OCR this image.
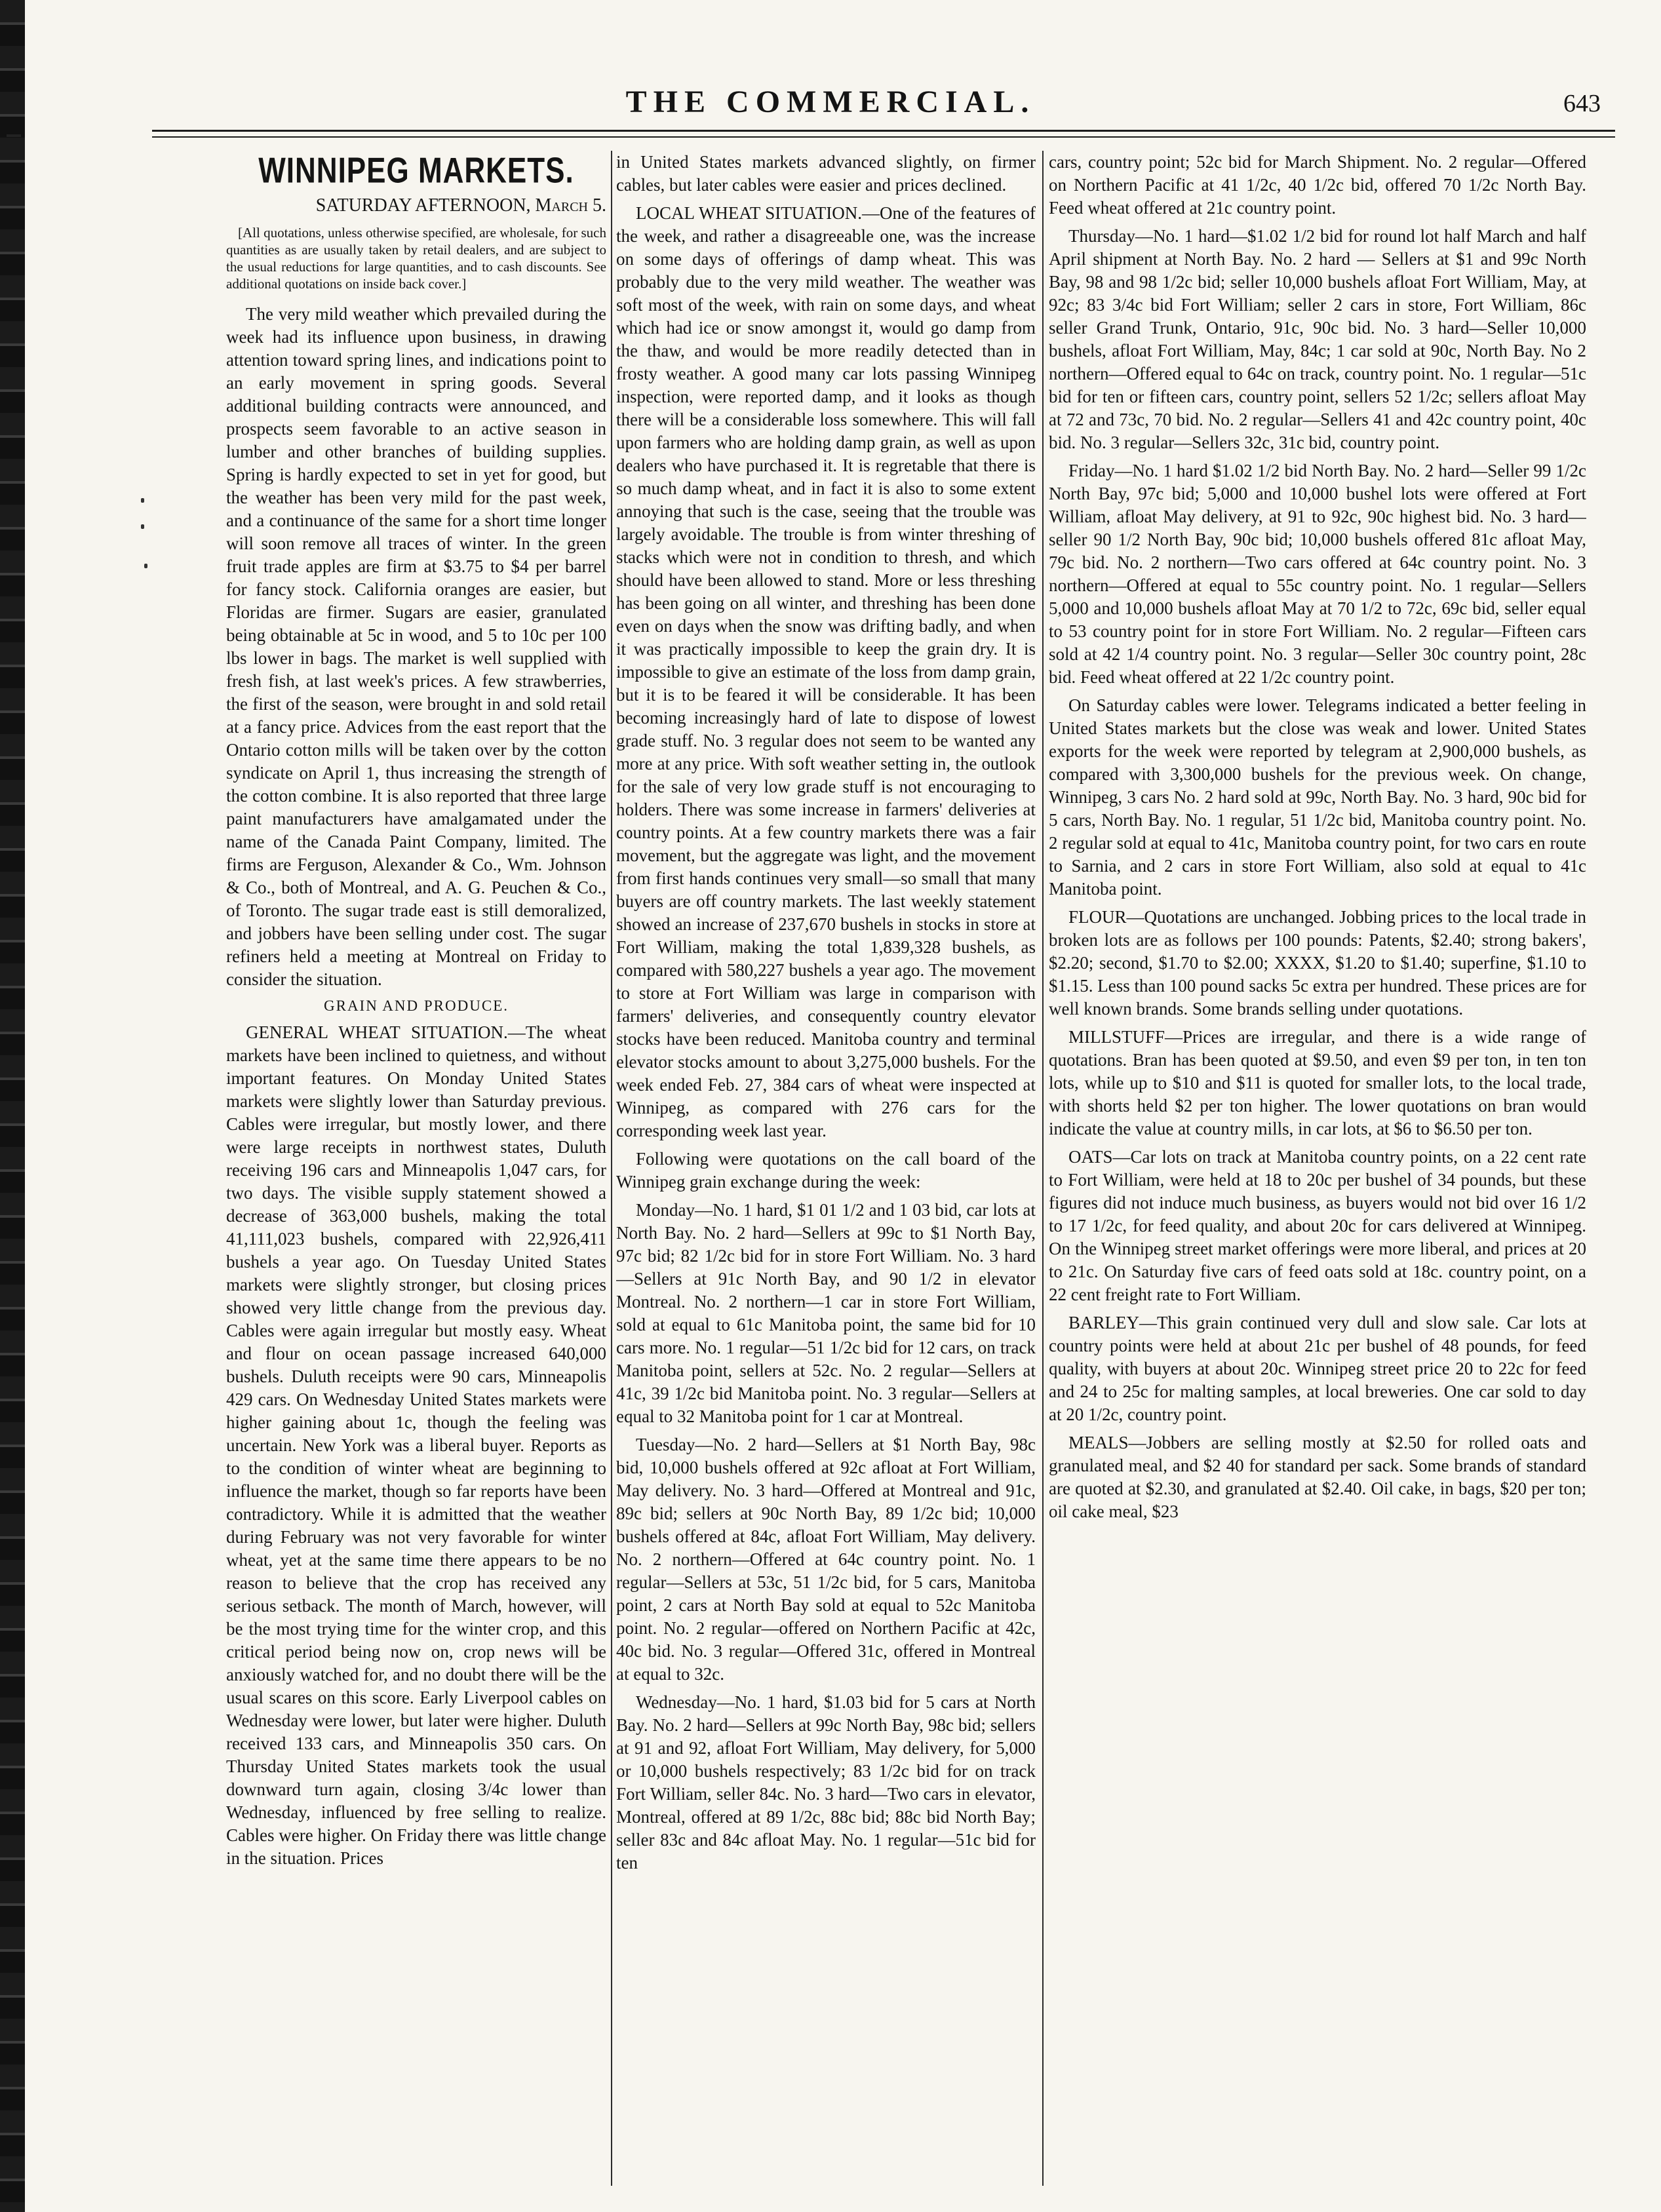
THE COMMERCIAL.	643
WINNIPEG MARKETS.
SATURDAY AFTERNOON, March 5.
[All quotations, unless otherwise specified, are wholesale, for such quantities as are usually taken by retail dealers, and are subject to the usual reductions for large quantities, and to cash discounts. See additional quotations on inside back cover.]

The very mild weather which prevailed during the week had its influence upon business, in drawing attention toward spring lines, and indications point to an early movement in spring goods. Several additional building contracts were announced, and prospects seem favorable to an active season in lumber and other branches of building supplies. Spring is hardly expected to set in yet for good, but the weather has been very mild for the past week, and a continuance of the same for a short time longer will soon remove all traces of winter. In the green fruit trade apples are firm at $3.75 to $4 per barrel for fancy stock. California oranges are easier, but Floridas are firmer. Sugars are easier, granulated being obtainable at 5c in wood, and 5 to 10c per 100 lbs lower in bags. The market is well supplied with fresh fish, at last week's prices. A few strawberries, the first of the season, were brought in and sold retail at a fancy price. Advices from the east report that the Ontario cotton mills will be taken over by the cotton syndicate on April 1, thus increasing the strength of the cotton combine. It is also reported that three large paint manufacturers have amalgamated under the name of the Canada Paint Company, limited. The firms are Ferguson, Alexander & Co., Wm. Johnson & Co., both of Montreal, and A. G. Peuchen & Co., of Toronto. The sugar trade east is still demoralized, and jobbers have been selling under cost. The sugar refiners held a meeting at Montreal on Friday to consider the situation.

GRAIN AND PRODUCE.

GENERAL WHEAT SITUATION.—The wheat markets have been inclined to quietness, and without important features. On Monday United States markets were slightly lower than Saturday previous. Cables were irregular, but mostly lower, and there were large receipts in northwest states, Duluth receiving 196 cars and Minneapolis 1,047 cars, for two days. The visible supply statement showed a decrease of 363,000 bushels, making the total 41,111,023 bushels, compared with 22,926,411 bushels a year ago. On Tuesday United States markets were slightly stronger, but closing prices showed very little change from the previous day. Cables were again irregular but mostly easy. Wheat and flour on ocean passage increased 640,000 bushels. Duluth receipts were 90 cars, Minneapolis 429 cars. On Wednesday United States markets were higher gaining about 1c, though the feeling was uncertain. New York was a liberal buyer. Reports as to the condition of winter wheat are beginning to influence the market, though so far reports have been contradictory. While it is admitted that the weather during February was not very favorable for winter wheat, yet at the same time there appears to be no reason to believe that the crop has received any serious setback. The month of March, however, will be the most trying time for the winter crop, and this critical period being now on, crop news will be anxiously watched for, and no doubt there will be the usual scares on this score. Early Liverpool cables on Wednesday were lower, but later were higher. Duluth received 133 cars, and Minneapolis 350 cars. On Thursday United States markets took the usual downward turn again, closing 3/4c lower than Wednesday, influenced by free selling to realize. Cables were higher. On Friday there was little change in the situation. Prices

in United States markets advanced slightly, on firmer cables, but later cables were easier and prices declined.

LOCAL WHEAT SITUATION.—One of the features of the week, and rather a disagreeable one, was the increase on some days of offerings of damp wheat. This was probably due to the very mild weather. The weather was soft most of the week, with rain on some days, and wheat which had ice or snow amongst it, would go damp from the thaw, and would be more readily detected than in frosty weather. A good many car lots passing Winnipeg inspection, were reported damp, and it looks as though there will be a considerable loss somewhere. This will fall upon farmers who are holding damp grain, as well as upon dealers who have purchased it. It is regretable that there is so much damp wheat, and in fact it is also to some extent annoying that such is the case, seeing that the trouble was largely avoidable. The trouble is from winter threshing of stacks which were not in condition to thresh, and which should have been allowed to stand. More or less threshing has been going on all winter, and threshing has been done even on days when the snow was drifting badly, and when it was practically impossible to keep the grain dry. It is impossible to give an estimate of the loss from damp grain, but it is to be feared it will be considerable. It has been becoming increasingly hard of late to dispose of lowest grade stuff. No. 3 regular does not seem to be wanted any more at any price. With soft weather setting in, the outlook for the sale of very low grade stuff is not encouraging to holders. There was some increase in farmers' deliveries at country points. At a few country markets there was a fair movement, but the aggregate was light, and the movement from first hands continues very small—so small that many buyers are off country markets. The last weekly statement showed an increase of 237,670 bushels in stocks in store at Fort William, making the total 1,839,328 bushels, as compared with 580,227 bushels a year ago. The movement to store at Fort William was large in comparison with farmers' deliveries, and consequently country elevator stocks have been reduced. Manitoba country and terminal elevator stocks amount to about 3,275,000 bushels. For the week ended Feb. 27, 384 cars of wheat were inspected at Winnipeg, as compared with 276 cars for the corresponding week last year.

Following were quotations on the call board of the Winnipeg grain exchange during the week:

Monday—No. 1 hard, $1 01 1/2 and 1 03 bid, car lots at North Bay. No. 2 hard—Sellers at 99c to $1 North Bay, 97c bid; 82 1/2c bid for in store Fort William. No. 3 hard—Sellers at 91c North Bay, and 90 1/2 in elevator Montreal. No. 2 northern—1 car in store Fort William, sold at equal to 61c Manitoba point, the same bid for 10 cars more. No. 1 regular—51 1/2c bid for 12 cars, on track Manitoba point, sellers at 52c. No. 2 regular—Sellers at 41c, 39 1/2c bid Manitoba point. No. 3 regular—Sellers at equal to 32 Manitoba point for 1 car at Montreal.

Tuesday—No. 2 hard—Sellers at $1 North Bay, 98c bid, 10,000 bushels offered at 92c afloat at Fort William, May delivery. No. 3 hard—Offered at Montreal and 91c, 89c bid; sellers at 90c North Bay, 89 1/2c bid; 10,000 bushels offered at 84c, afloat Fort William, May delivery. No. 2 northern—Offered at 64c country point. No. 1 regular—Sellers at 53c, 51 1/2c bid, for 5 cars, Manitoba point, 2 cars at North Bay sold at equal to 52c Manitoba point. No. 2 regular—offered on Northern Pacific at 42c, 40c bid. No. 3 regular—Offered 31c, offered in Montreal at equal to 32c.

Wednesday—No. 1 hard, $1.03 bid for 5 cars at North Bay. No. 2 hard—Sellers at 99c North Bay, 98c bid; sellers at 91 and 92, afloat Fort William, May delivery, for 5,000 or 10,000 bushels respectively; 83 1/2c bid for on track Fort William, seller 84c. No. 3 hard—Two cars in elevator, Montreal, offered at 89 1/2c, 88c bid; 88c bid North Bay; seller 83c and 84c afloat May. No. 1 regular—51c bid for ten

cars, country point; 52c bid for March Shipment. No. 2 regular—Offered on Northern Pacific at 41 1/2c, 40 1/2c bid, offered 70 1/2c North Bay. Feed wheat offered at 21c country point.

Thursday—No. 1 hard—$1.02 1/2 bid for round lot half March and half April shipment at North Bay. No. 2 hard — Sellers at $1 and 99c North Bay, 98 and 98 1/2c bid; seller 10,000 bushels afloat Fort William, May, at 92c; 83 3/4c bid Fort William; seller 2 cars in store, Fort William, 86c seller Grand Trunk, Ontario, 91c, 90c bid. No. 3 hard—Seller 10,000 bushels, afloat Fort William, May, 84c; 1 car sold at 90c, North Bay. No 2 northern—Offered equal to 64c on track, country point. No. 1 regular—51c bid for ten or fifteen cars, country point, sellers 52 1/2c; sellers afloat May at 72 and 73c, 70 bid. No. 2 regular—Sellers 41 and 42c country point, 40c bid. No. 3 regular—Sellers 32c, 31c bid, country point.

Friday—No. 1 hard $1.02 1/2 bid North Bay. No. 2 hard—Seller 99 1/2c North Bay, 97c bid; 5,000 and 10,000 bushel lots were offered at Fort William, afloat May delivery, at 91 to 92c, 90c highest bid. No. 3 hard—seller 90 1/2 North Bay, 90c bid; 10,000 bushels offered 81c afloat May, 79c bid. No. 2 northern—Two cars offered at 64c country point. No. 3 northern—Offered at equal to 55c country point. No. 1 regular—Sellers 5,000 and 10,000 bushels afloat May at 70 1/2 to 72c, 69c bid, seller equal to 53 country point for in store Fort William. No. 2 regular—Fifteen cars sold at 42 1/4 country point. No. 3 regular—Seller 30c country point, 28c bid. Feed wheat offered at 22 1/2c country point.

On Saturday cables were lower. Telegrams indicated a better feeling in United States markets but the close was weak and lower. United States exports for the week were reported by telegram at 2,900,000 bushels, as compared with 3,300,000 bushels for the previous week. On change, Winnipeg, 3 cars No. 2 hard sold at 99c, North Bay. No. 3 hard, 90c bid for 5 cars, North Bay. No. 1 regular, 51 1/2c bid, Manitoba country point. No. 2 regular sold at equal to 41c, Manitoba country point, for two cars en route to Sarnia, and 2 cars in store Fort William, also sold at equal to 41c Manitoba point.

FLOUR—Quotations are unchanged. Jobbing prices to the local trade in broken lots are as follows per 100 pounds: Patents, $2.40; strong bakers', $2.20; second, $1.70 to $2.00; XXXX, $1.20 to $1.40; superfine, $1.10 to $1.15. Less than 100 pound sacks 5c extra per hundred. These prices are for well known brands. Some brands selling under quotations.

MILLSTUFF—Prices are irregular, and there is a wide range of quotations. Bran has been quoted at $9.50, and even $9 per ton, in ten ton lots, while up to $10 and $11 is quoted for smaller lots, to the local trade, with shorts held $2 per ton higher. The lower quotations on bran would indicate the value at country mills, in car lots, at $6 to $6.50 per ton.

OATS—Car lots on track at Manitoba country points, on a 22 cent rate to Fort William, were held at 18 to 20c per bushel of 34 pounds, but these figures did not induce much business, as buyers would not bid over 16 1/2 to 17 1/2c, for feed quality, and about 20c for cars delivered at Winnipeg. On the Winnipeg street market offerings were more liberal, and prices at 20 to 21c. On Saturday five cars of feed oats sold at 18c. country point, on a 22 cent freight rate to Fort William.

BARLEY—This grain continued very dull and slow sale. Car lots at country points were held at about 21c per bushel of 48 pounds, for feed quality, with buyers at about 20c. Winnipeg street price 20 to 22c for feed and 24 to 25c for malting samples, at local breweries. One car sold to day at 20 1/2c, country point.

MEALS—Jobbers are selling mostly at $2.50 for rolled oats and granulated meal, and $2 40 for standard per sack. Some brands of standard are quoted at $2.30, and granulated at $2.40. Oil cake, in bags, $20 per ton; oil cake meal, $23
